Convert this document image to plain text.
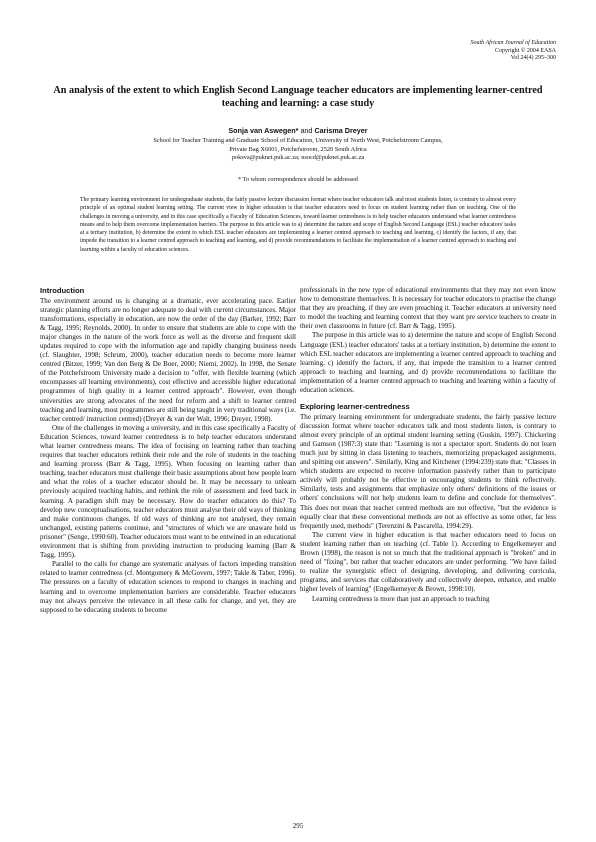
South African Journal of Education
Copyright © 2004 EASA
Vol 24(4) 295–300
An analysis of the extent to which English Second Language teacher educators are implementing learner-centred teaching and learning: a case study
Sonja van Aswegen* and Carisma Dreyer
School for Teacher Training and Graduate School of Education, University of North West, Potchefstroom Campus,
Private Bag X6001, Potchefstroom, 2520 South Africa
poksva@puknet.puk.ac.za; nsocd@puknet.puk.ac.za
* To whom correspondence should be addressed
The primary learning environment for undergraduate students, the fairly passive lecture discussion format where teacher educators talk and most students listen, is contrary to almost every principle of an optimal student learning setting. The current view in higher education is that teacher educators need to focus on student learning rather than on teaching. One of the challenges in moving a university, and in this case specifically a Faculty of Education Sciences, toward learner centredness is to help teacher educators understand what learner centredness means and to help them overcome implementation barriers. The purpose in this article was to a) determine the nature and scope of English Second Language (ESL) teacher educators' tasks at a tertiary institution, b) determine the extent to which ESL teacher educators are implementing a learner centred approach to teaching and learning, c) identify the factors, if any, that impede the transition to a learner centred approach to teaching and learning, and d) provide recommendations to facilitate the implementation of a learner centred approach to teaching and learning within a faculty of education sciences.
Introduction

The environment around us is changing at a dramatic, ever accelerating pace. Earlier strategic planning efforts are no longer adequate to deal with current circumstances. Major transformations, especially in education, are now the order of the day (Barker, 1992; Barr & Tagg, 1995; Reynolds, 2000). In order to ensure that students are able to cope with the major changes in the nature of the work force as well as the diverse and frequent skill updates required to cope with the information age and rapidly changing business needs (cf. Slaughter, 1998; Schrum, 2000), teacher education needs to become more learner centred (Bitzer, 1999; Van den Berg & De Boer, 2000; Niemi, 2002). In 1998, the Senate of the Potchefstroom University made a decision to "offer, with flexible learning (which encompasses all learning environments), cost effective and accessible higher educational programmes of high quality in a learner centred approach". However, even though universities are strong advocates of the need for reform and a shift to learner centred teaching and learning, most programmes are still being taught in very traditional ways (i.e. teacher centred/ instruction centred) (Dreyer & van der Walt, 1996; Dreyer, 1998).

One of the challenges in moving a university, and in this case specifically a Faculty of Education Sciences, toward learner centredness is to help teacher educators understand what learner centredness means. The idea of focusing on learning rather than teaching requires that teacher educators rethink their role and the role of students in the teaching and learning process (Barr & Tagg, 1995). When focusing on learning rather than teaching, teacher educators must challenge their basic assumptions about how people learn and what the roles of a teacher educator should be. It may be necessary to unlearn previously acquired teaching habits, and rethink the role of assessment and feed back in learning. A paradigm shift may be necessary. How do teacher educators do this? To develop new conceptualisations, teacher educators must analyse their old ways of thinking and make continuous changes. If old ways of thinking are not analysed, they remain unchanged, existing patterns continue, and "structures of which we are unaware hold us prisoner" (Senge, 1990:60). Teacher educators must want to be entwined in an educational environment that is shifting from providing instruction to producing learning (Barr & Tagg, 1995).

Parallel to the calls for change are systematic analyses of factors impeding transition related to learner centredness (cf. Montgomery & McGovern, 1997; Takle & Taber, 1996). The pressures on a faculty of education sciences to respond to changes in teaching and learning and to overcome implementation barriers are considerable. Teacher educators may not always perceive the relevance in all these calls for change, and yet, they are supposed to be educating students to become

professionals in the new type of educational environments that they may not even know how to demonstrate themselves. It is necessary for teacher educators to practise the change that they are preaching, if they are even preaching it. Teacher educators at university need to model the teaching and learning context that they want pre service teachers to create in their own classrooms in future (cf. Barr & Tagg, 1995).

The purpose in this article was to a) determine the nature and scope of English Second Language (ESL) teacher educators' tasks at a tertiary institution, b) determine the extent to which ESL teacher educators are implementing a learner centred approach to teaching and learning, c) identify the factors, if any, that impede the transition to a learner centred approach to teaching and learning, and d) provide recommendations to facilitate the implementation of a learner centred approach to teaching and learning within a faculty of education sciences.

Exploring learner-centredness

The primary learning environment for undergraduate students, the fairly passive lecture discussion format where teacher educators talk and most students listen, is contrary to almost every principle of an optimal student learning setting (Guskin, 1997). Chickering and Gamson (1987:3) state that: "Learning is not a spectator sport. Students do not learn much just by sitting in class listening to teachers, memorizing prepackaged assignments, and spitting out answers". Similarly, King and Kitchener (1994:239) state that: "Classes in which students are expected to receive information passively rather than to participate actively will probably not be effective in encouraging students to think reflectively. Similarly, tests and assignments that emphasize only others' definitions of the issues or others' conclusions will not help students learn to define and conclude for themselves". This does not mean that teacher centred methods are not effective, "but the evidence is equally clear that these conventional methods are not as effective as some other, far less frequently used, methods" (Terenzini & Pascarella, 1994:29).

The current view in higher education is that teacher educators need to focus on student learning rather than on teaching (cf. Table 1). According to Engelkemeyer and Brown (1998), the reason is not so much that the traditional approach is "broken" and in need of "fixing", but rather that teacher educators are under performing. "We have failed to realize the synergistic effect of designing, developing, and delivering curricula, programs, and services that collaboratively and collectively deepen, enhance, and enable higher levels of learning" (Engelkemeyer & Brown, 1998:10).

Learning centredness is more than just an approach to teaching

295
